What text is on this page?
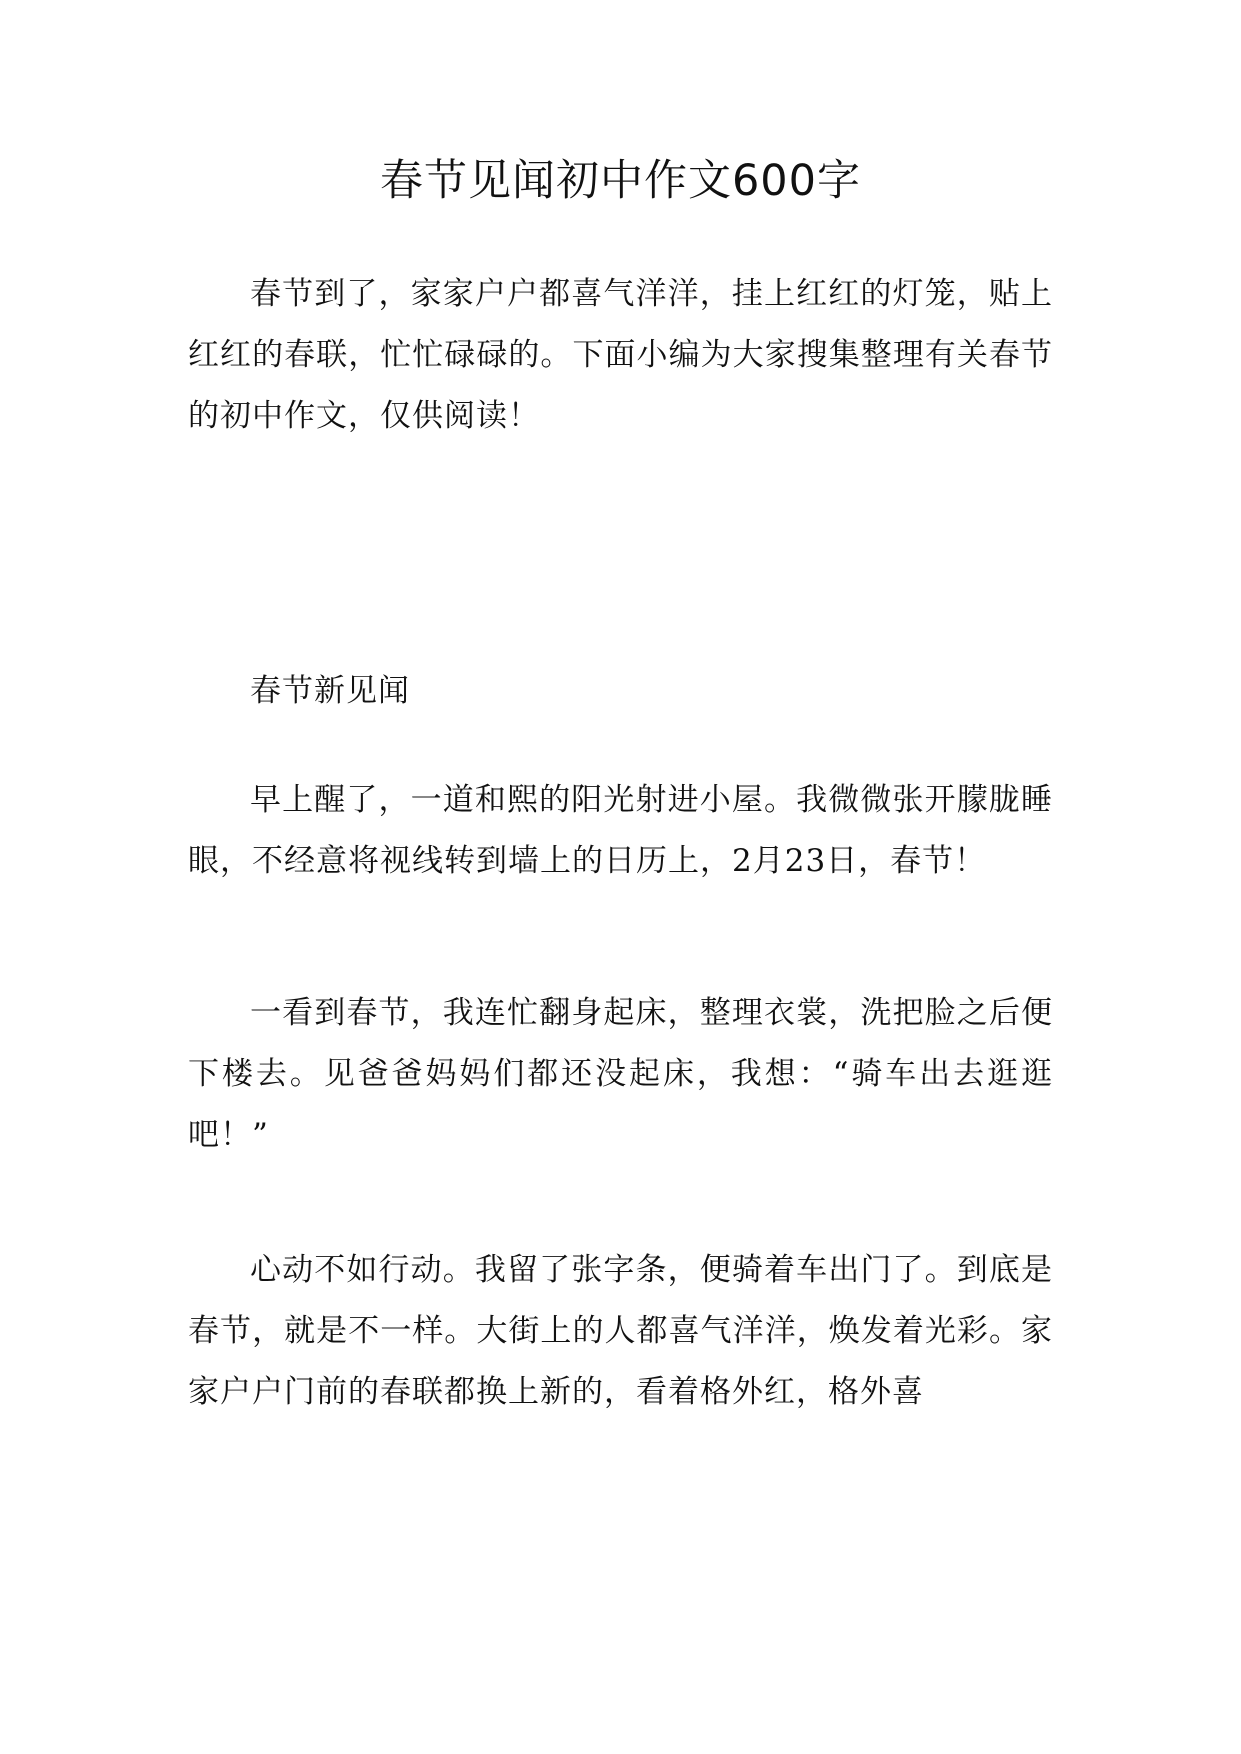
春节见闻初中作文600字

春节到了，家家户户都喜气洋洋，挂上红红的灯笼，贴上红红的春联，忙忙碌碌的。下面小编为大家搜集整理有关春节的初中作文，仅供阅读！

春节新见闻

早上醒了，一道和熙的阳光射进小屋。我微微张开朦胧睡眼，不经意将视线转到墙上的日历上，2月23日，春节！

一看到春节，我连忙翻身起床，整理衣裳，洗把脸之后便下楼去。见爸爸妈妈们都还没起床，我想：“骑车出去逛逛吧！”

心动不如行动。我留了张字条，便骑着车出门了。到底是春节，就是不一样。大街上的人都喜气洋洋，焕发着光彩。家家户户门前的春联都换上新的，看着格外红，格外喜
